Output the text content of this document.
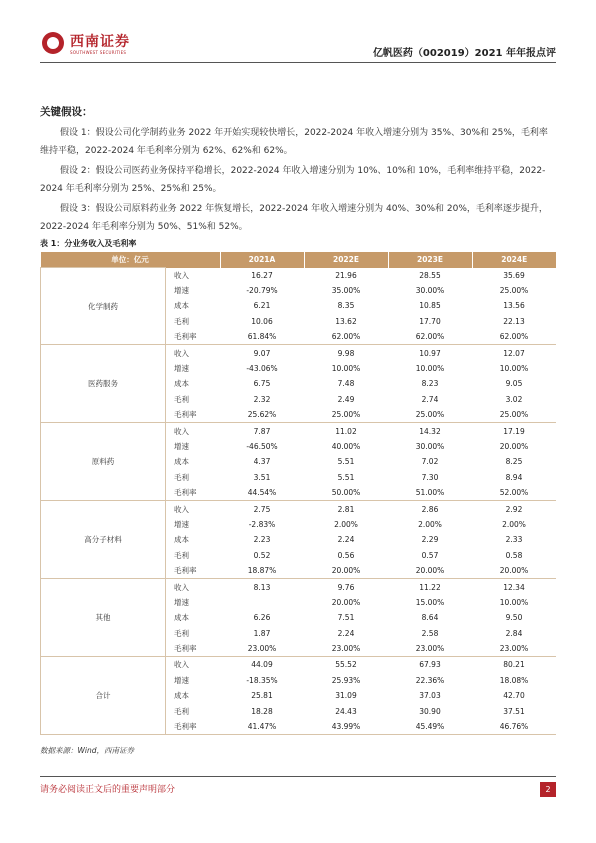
西南证券
SOUTHWEST SECURITIES	亿帆医药（002019）2021 年年报点评
关键假设：
假设 1：假设公司化学制药业务 2022 年开始实现较快增长，2022-2024 年收入增速分别为 35%、30%和 25%，毛利率维持平稳，2022-2024 年毛利率分别为 62%、62%和 62%。
假设 2：假设公司医药业务保持平稳增长，2022-2024 年收入增速分别为 10%、10%和 10%，毛利率维持平稳，2022-2024 年毛利率分别为 25%、25%和 25%。
假设 3：假设公司原料药业务 2022 年恢复增长，2022-2024 年收入增速分别为 40%、30%和 20%，毛利率逐步提升，2022-2024 年毛利率分别为 50%、51%和 52%。
表 1：分业务收入及毛利率
单位：亿元		2021A	2022E	2023E	2024E
化学制药	收入	16.27	21.96	28.55	35.69
	增速	-20.79%	35.00%	30.00%	25.00%
	成本	6.21	8.35	10.85	13.56
	毛利	10.06	13.62	17.70	22.13
	毛利率	61.84%	62.00%	62.00%	62.00%
医药服务	收入	9.07	9.98	10.97	12.07
	增速	-43.06%	10.00%	10.00%	10.00%
	成本	6.75	7.48	8.23	9.05
	毛利	2.32	2.49	2.74	3.02
	毛利率	25.62%	25.00%	25.00%	25.00%
原料药	收入	7.87	11.02	14.32	17.19
	增速	-46.50%	40.00%	30.00%	20.00%
	成本	4.37	5.51	7.02	8.25
	毛利	3.51	5.51	7.30	8.94
	毛利率	44.54%	50.00%	51.00%	52.00%
高分子材料	收入	2.75	2.81	2.86	2.92
	增速	-2.83%	2.00%	2.00%	2.00%
	成本	2.23	2.24	2.29	2.33
	毛利	0.52	0.56	0.57	0.58
	毛利率	18.87%	20.00%	20.00%	20.00%
其他	收入	8.13	9.76	11.22	12.34
	增速		20.00%	15.00%	10.00%
	成本	6.26	7.51	8.64	9.50
	毛利	1.87	2.24	2.58	2.84
	毛利率	23.00%	23.00%	23.00%	23.00%
合计	收入	44.09	55.52	67.93	80.21
	增速	-18.35%	25.93%	22.36%	18.08%
	成本	25.81	31.09	37.03	42.70
	毛利	18.28	24.43	30.90	37.51
	毛利率	41.47%	43.99%	45.49%	46.76%
数据来源：Wind，西南证券
请务必阅读正文后的重要声明部分	2
